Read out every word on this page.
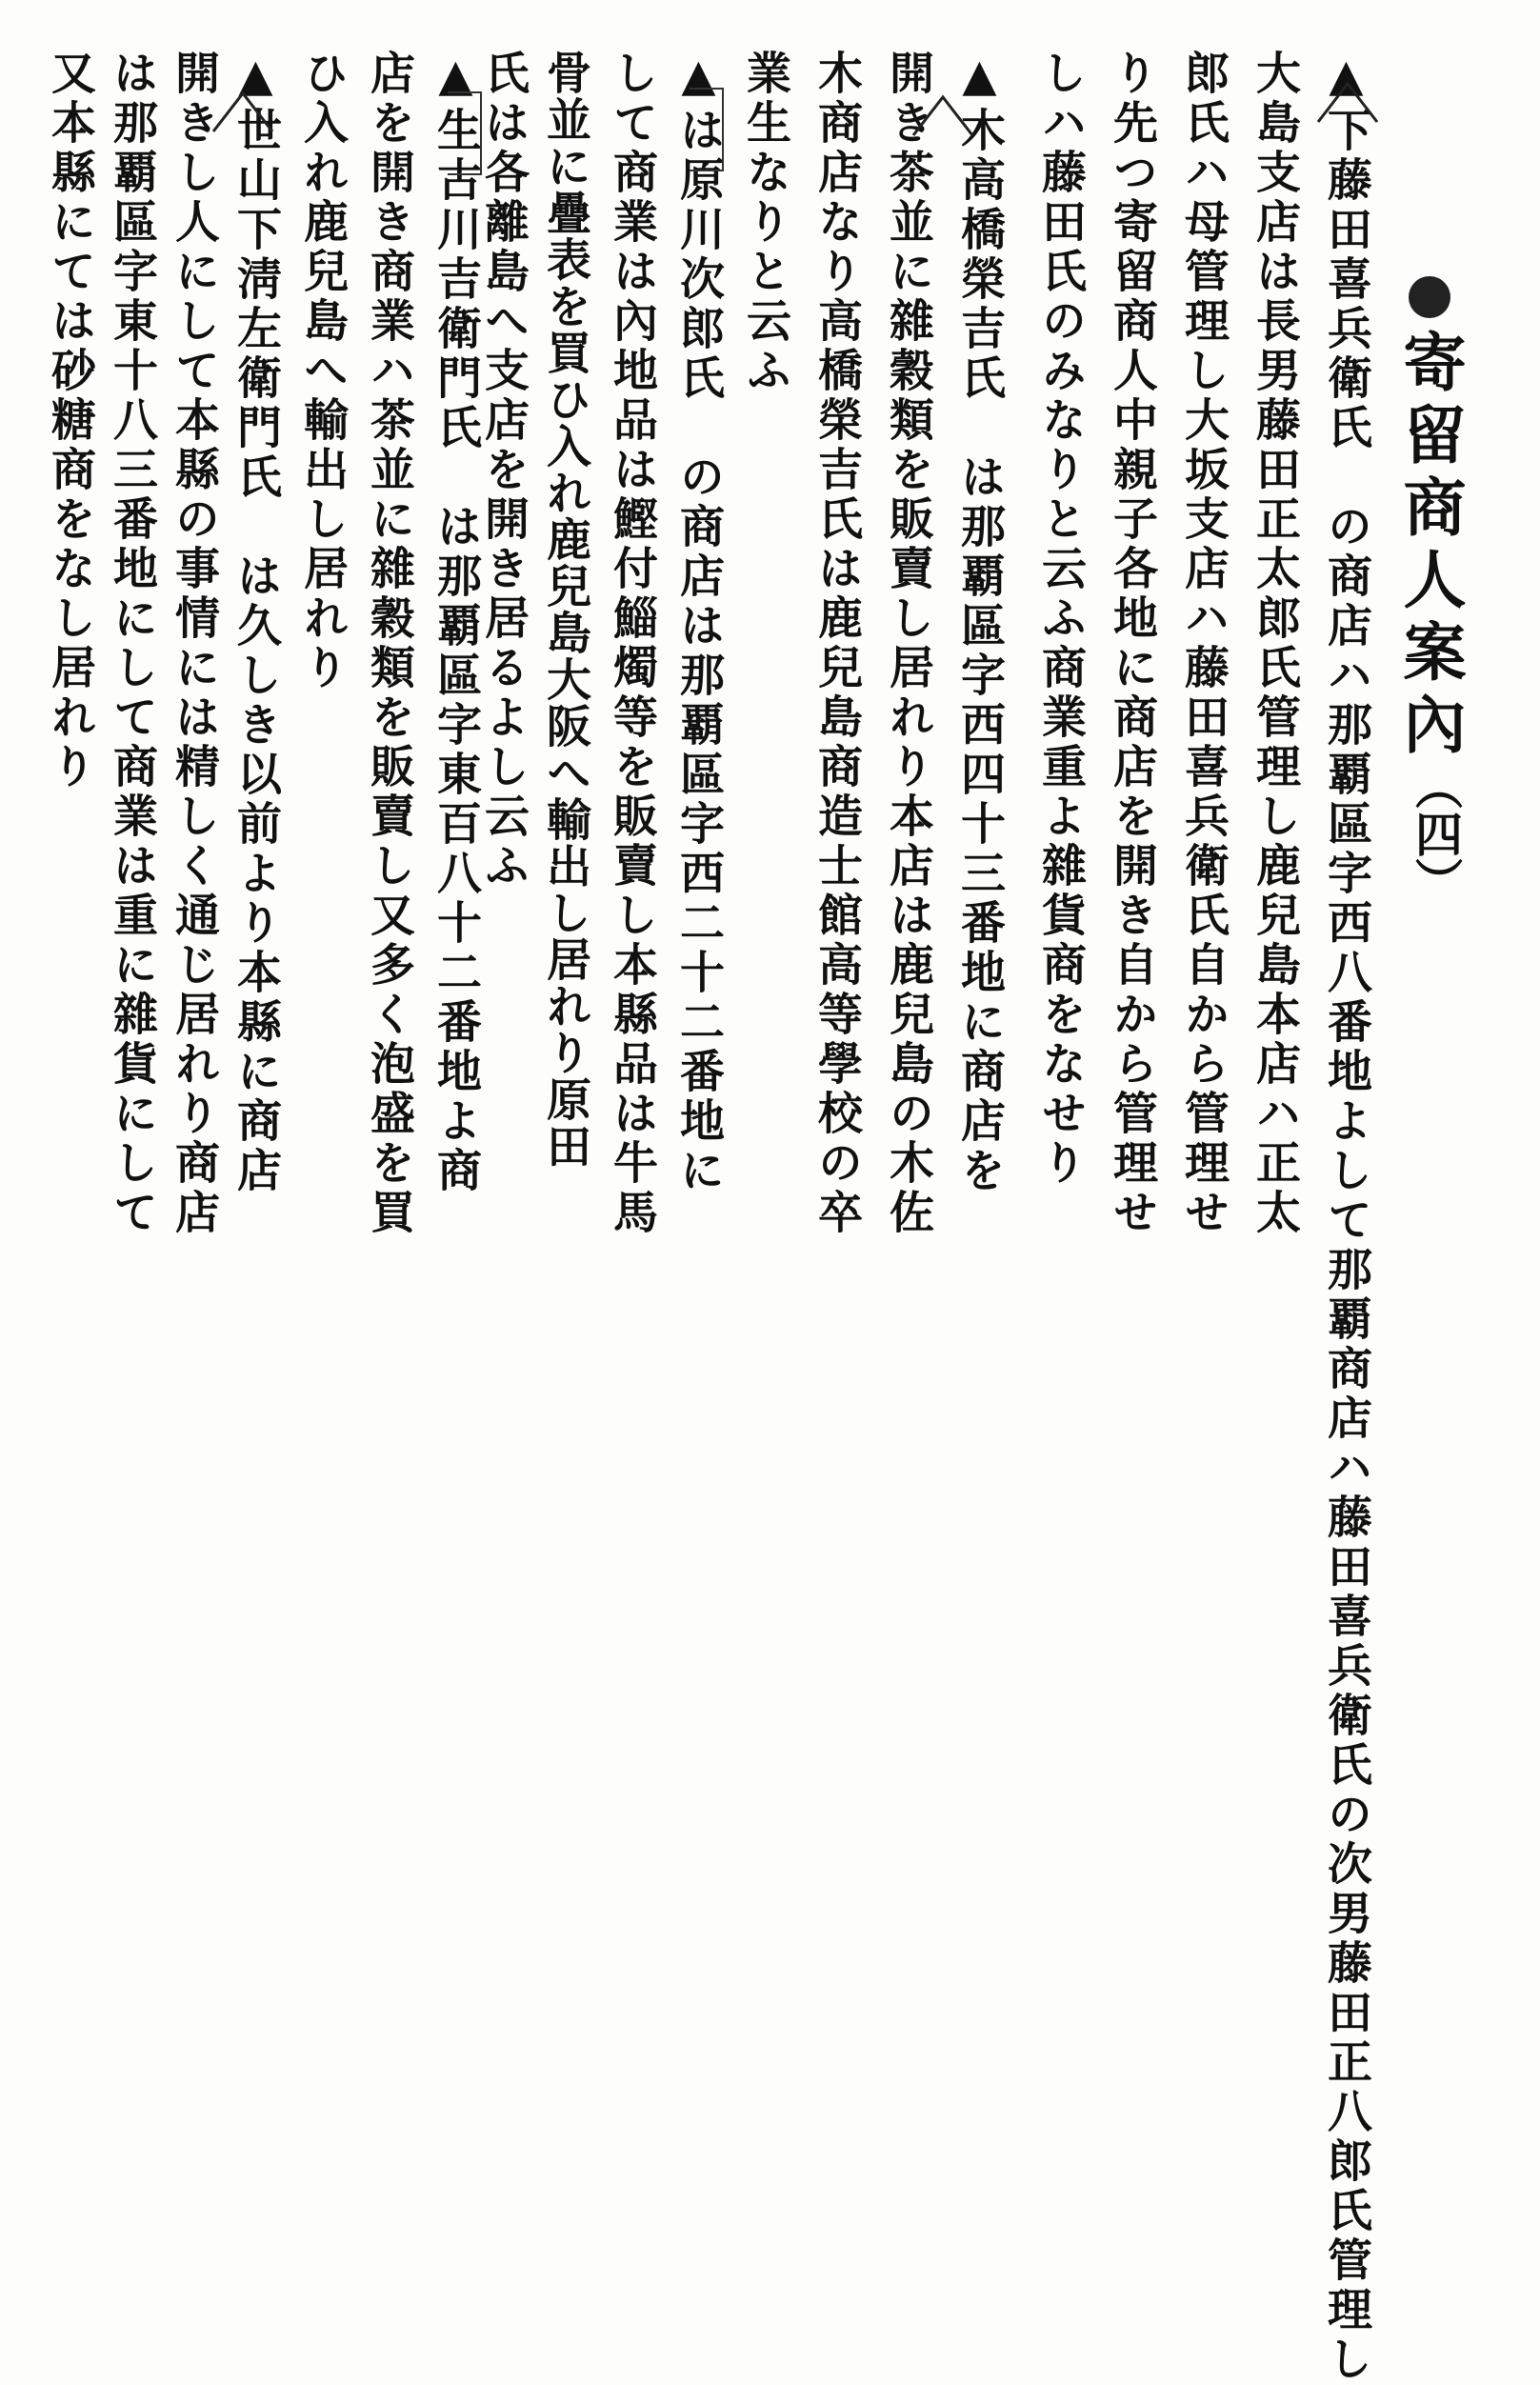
寄留商人案內
（四）
▲下藤田喜兵衛氏　の商店ハ那覇區字西八番地よして那覇商店ハ藤田喜兵衛氏の次男藤田正八郎氏管理し
大島支店は長男藤田正太郎氏管理し鹿兒島本店ハ正太
郎氏ハ母管理し大坂支店ハ藤田喜兵衛氏自から管理せ
り先つ寄留商人中親子各地に商店を開き自から管理せ
しハ藤田氏のみなりと云ふ商業重よ雜貨商をなせり
▲木高橋榮吉氏　は那覇區字西四十三番地に商店を
開き茶並に雜穀類を販賣し居れり本店は鹿兒島の木佐
木商店なり高橋榮吉氏は鹿兒島商造士館高等學校の卒
業生なりと云ふ
▲は原川次郎氏　の商店は那覇區字西二十二番地に
して商業は內地品は鰹付鯔燭等を販賣し本縣品は牛馬
骨並に疊表を買ひ入れ鹿兒島大阪へ輸出し居れり原田
氏は各離島へ支店を開き居るよし云ふ
▲生古川吉衛門氏　は那覇區字東百八十二番地よ商
店を開き商業ハ茶並に雜穀類を販賣し又多く泡盛を買
ひ入れ鹿兒島へ輸出し居れり
▲世山下淸左衛門氏　は久しき以前より本縣に商店
開きし人にして本縣の事情には精しく通じ居れり商店
は那覇區字東十八三番地にして商業は重に雜貨にして
又本縣にては砂糖商をなし居れり
